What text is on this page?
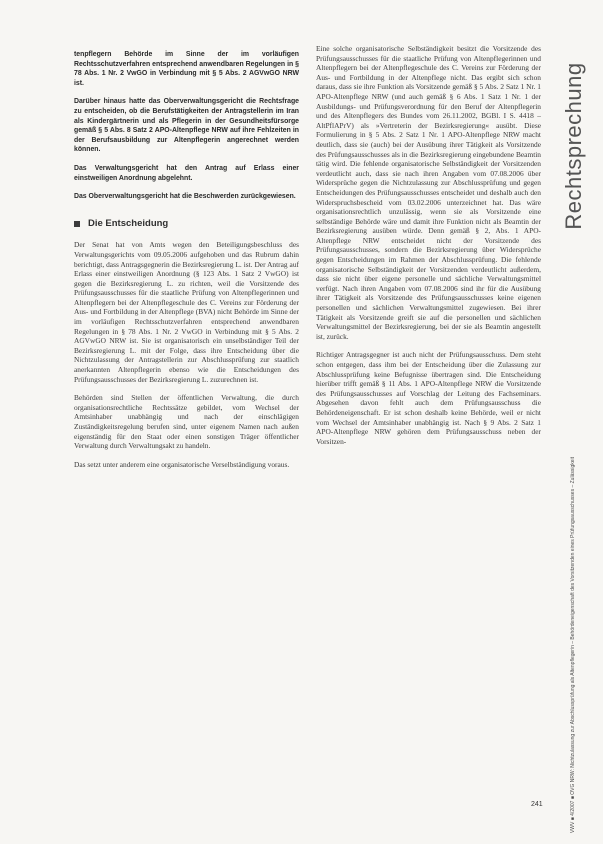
tenpflegern Behörde im Sinne der im vorläufigen Rechtsschutzverfahren entsprechend anwendbaren Regelungen in § 78 Abs. 1 Nr. 2 VwGO in Verbindung mit § 5 Abs. 2 AGVwGO NRW ist.

Darüber hinaus hatte das Oberverwaltungsgericht die Rechtsfrage zu entscheiden, ob die Berufstätigkeiten der Antragstellerin im Iran als Kindergärtnerin und als Pflegerin in der Gesundheitsfürsorge gemäß § 5 Abs. 8 Satz 2 APO-Altenpflege NRW auf ihre Fehlzeiten in der Berufsausbildung zur Altenpflegerin angerechnet werden können.

Das Verwaltungsgericht hat den Antrag auf Erlass einer einstweiligen Anordnung abgelehnt.

Das Oberverwaltungsgericht hat die Beschwerden zurückgewiesen.

Die Entscheidung

Der Senat hat von Amts wegen den Beteiligungsbeschluss des Verwaltungsgerichts vom 09.05.2006 aufgehoben und das Rubrum dahin berichtigt, dass Antragsgegnerin die Bezirksregierung L. ist. Der Antrag auf Erlass einer einstweiligen Anordnung (§ 123 Abs. 1 Satz 2 VwGO) ist gegen die Bezirksregierung L. zu richten, weil die Vorsitzende des Prüfungsausschusses für die staatliche Prüfung von Altenpflegerinnen und Altenpflegern bei der Altenpflegeschule des C. Vereins zur Förderung der Aus- und Fortbildung in der Altenpflege (BVA) nicht Behörde im Sinne der im vorläufigen Rechtsschutzverfahren entsprechend anwendbaren Regelungen in § 78 Abs. 1 Nr. 2 VwGO in Verbindung mit § 5 Abs. 2 AGVwGO NRW ist. Sie ist organisatorisch ein unselbständiger Teil der Bezirksregierung L. mit der Folge, dass ihre Entscheidung über die Nichtzulassung der Antragstellerin zur Abschlussprüfung zur staatlich anerkannten Altenpflegerin ebenso wie die Entscheidungen des Prüfungsausschusses der Bezirksregierung L. zuzurechnen ist.

Behörden sind Stellen der öffentlichen Verwaltung, die durch organisationsrechtliche Rechtssätze gebildet, vom Wechsel der Amtsinhaber unabhängig und nach der einschlägigen Zuständigkeitsregelung berufen sind, unter eigenem Namen nach außen eigenständig für den Staat oder einen sonstigen Träger öffentlicher Verwaltung durch Verwaltungsakt zu handeln.

Das setzt unter anderem eine organisatorische Verselbständigung voraus.

Eine solche organisatorische Selbständigkeit besitzt die Vorsitzende des Prüfungsausschusses für die staatliche Prüfung von Altenpflegerinnen und Altenpflegern bei der Altenpflegeschule des C. Vereins zur Förderung der Aus- und Fortbildung in der Altenpflege nicht. Das ergibt sich schon daraus, dass sie ihre Funktion als Vorsitzende gemäß § 5 Abs. 2 Satz 1 Nr. 1 APO-Altenpflege NRW (und auch gemäß § 6 Abs. 1 Satz 1 Nr. 1 der Ausbildungs- und Prüfungsverordnung für den Beruf der Altenpflegerin und des Altenpflegers des Bundes vom 26.11.2002, BGBl. I S. 4418 – AltPflAPrV) als »Vertreterin der Bezirksregierung« ausübt. Diese Formulierung in § 5 Abs. 2 Satz 1 Nr. 1 APO-Altenpflege NRW macht deutlich, dass sie (auch) bei der Ausübung ihrer Tätigkeit als Vorsitzende des Prüfungsausschusses als in die Bezirksregierung eingebundene Beamtin tätig wird. Die fehlende organisatorische Selbständigkeit der Vorsitzenden verdeutlicht auch, dass sie nach ihren Angaben vom 07.08.2006 über Widersprüche gegen die Nichtzulassung zur Abschlussprüfung und gegen Entscheidungen des Prüfungsausschusses entscheidet und deshalb auch den Widerspruchsbescheid vom 03.02.2006 unterzeichnet hat. Das wäre organisationsrechtlich unzulässig, wenn sie als Vorsitzende eine selbständige Behörde wäre und damit ihre Funktion nicht als Beamtin der Bezirksregierung ausüben würde. Denn gemäß § 2, Abs. 1 APO-Altenpflege NRW entscheidet nicht der Vorsitzende des Prüfungsausschusses, sondern die Bezirksregierung über Widersprüche gegen Entscheidungen im Rahmen der Abschlussprüfung. Die fehlende organisatorische Selbständigkeit der Vorsitzenden verdeutlicht außerdem, dass sie nicht über eigene personelle und sächliche Verwaltungsmittel verfügt. Nach ihren Angaben vom 07.08.2006 sind ihr für die Ausübung ihrer Tätigkeit als Vorsitzende des Prüfungsausschusses keine eigenen personellen und sächlichen Verwaltungsmittel zugewiesen. Bei ihrer Tätigkeit als Vorsitzende greift sie auf die personellen und sächlichen Verwaltungsmittel der Bezirksregierung, bei der sie als Beamtin angestellt ist, zurück.

Richtiger Antragsgegner ist auch nicht der Prüfungsausschuss. Dem steht schon entgegen, dass ihm bei der Entscheidung über die Zulassung zur Abschlussprüfung keine Befugnisse übertragen sind. Die Entscheidung hierüber trifft gemäß § 11 Abs. 1 APO-Altenpflege NRW die Vorsitzende des Prüfungsausschusses auf Vorschlag der Leitung des Fachseminars. Abgesehen davon fehlt auch dem Prüfungsausschuss die Behördeneigenschaft. Er ist schon deshalb keine Behörde, weil er nicht vom Wechsel der Amtsinhaber unabhängig ist. Nach § 9 Abs. 2 Satz 1 APO-Altenpflege NRW gehören dem Prüfungsausschuss neben der Vorsitzen-

Rechtsprechung
VWV ■ 4/2007 ■ OVG NRW: Nichtzulassung zur Abschlussprüfung als Altenpflegerin – Behördeneigenschaft des Vorsitzenden eines Prüfungsausschusses – Zulässigkeit
241
